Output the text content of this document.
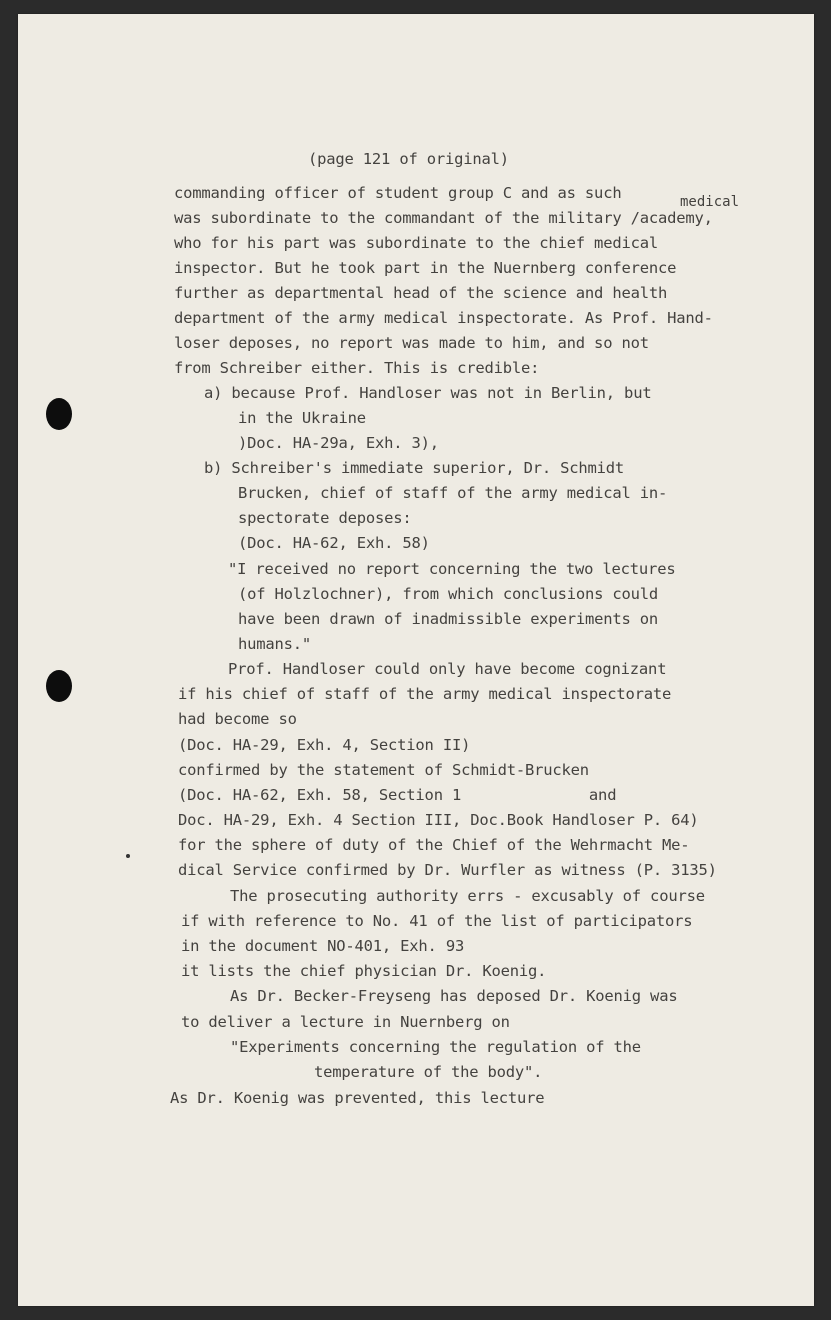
(page 121 of original)
medical
commanding officer of student group C and as such
was subordinate to the commandant of the military /academy,
who for his part was subordinate to the chief medical
inspector. But he took part in the Nuernberg conference
further as departmental head of the science and health
department of the army medical inspectorate. As Prof. Hand-
loser deposes, no report was made to him, and so not
from Schreiber either. This is credible:
a) because Prof. Handloser was not in Berlin, but
in the Ukraine
)Doc. HA-29a, Exh. 3),
b) Schreiber's immediate superior, Dr. Schmidt
Brucken, chief of staff of the army medical in-
spectorate deposes:
(Doc. HA-62, Exh. 58)
"I received no report concerning the two lectures
(of Holzlochner), from which conclusions could
have been drawn of inadmissible experiments on
humans."
Prof. Handloser could only have become cognizant
if his chief of staff of the army medical inspectorate
had become so
(Doc. HA-29, Exh. 4, Section II)
confirmed by the statement of Schmidt-Brucken
(Doc. HA-62, Exh. 58, Section 1              and
Doc. HA-29, Exh. 4 Section III, Doc.Book Handloser P. 64)
for the sphere of duty of the Chief of the Wehrmacht Me-
dical Service confirmed by Dr. Wurfler as witness (P. 3135)
The prosecuting authority errs - excusably of course
if with reference to No. 41 of the list of participators
in the document NO-401, Exh. 93
it lists the chief physician Dr. Koenig.
As Dr. Becker-Freyseng has deposed Dr. Koenig was
to deliver a lecture in Nuernberg on
"Experiments concerning the regulation of the
temperature of the body".
As Dr. Koenig was prevented, this lecture
